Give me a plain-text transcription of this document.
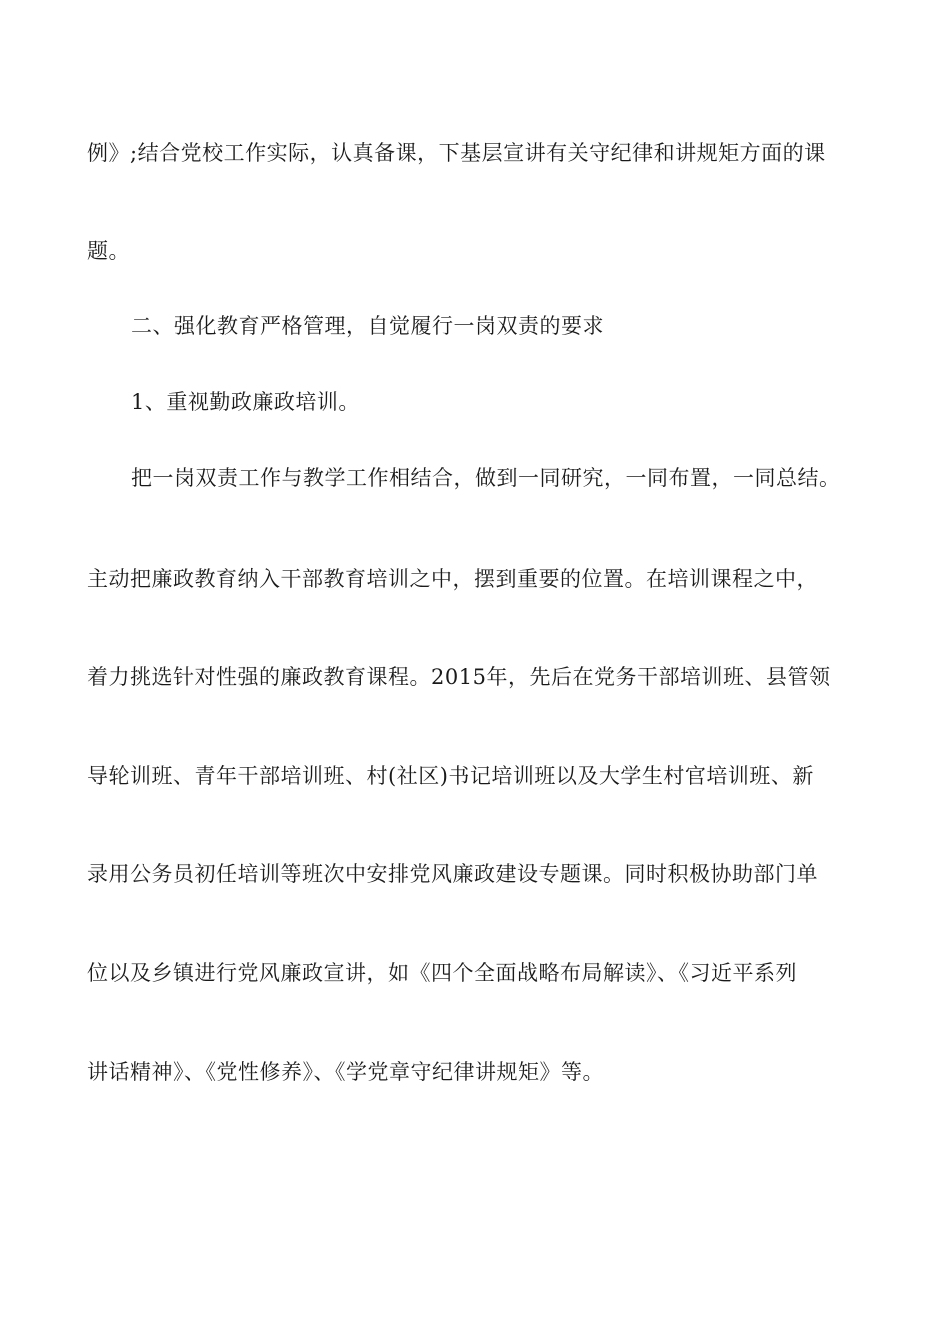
例》;结合党校工作实际，认真备课，下基层宣讲有关守纪律和讲规矩方面的课
题。
二、强化教育严格管理，自觉履行一岗双责的要求
1、重视勤政廉政培训。
把一岗双责工作与教学工作相结合，做到一同研究，一同布置，一同总结。
主动把廉政教育纳入干部教育培训之中，摆到重要的位置。在培训课程之中，
着力挑选针对性强的廉政教育课程。2015年，先后在党务干部培训班、县管领
导轮训班、青年干部培训班、村(社区)书记培训班以及大学生村官培训班、新
录用公务员初任培训等班次中安排党风廉政建设专题课。同时积极协助部门单
位以及乡镇进行党风廉政宣讲，如《四个全面战略布局解读》、《习近平系列
讲话精神》、《党性修养》、《学党章守纪律讲规矩》等。
